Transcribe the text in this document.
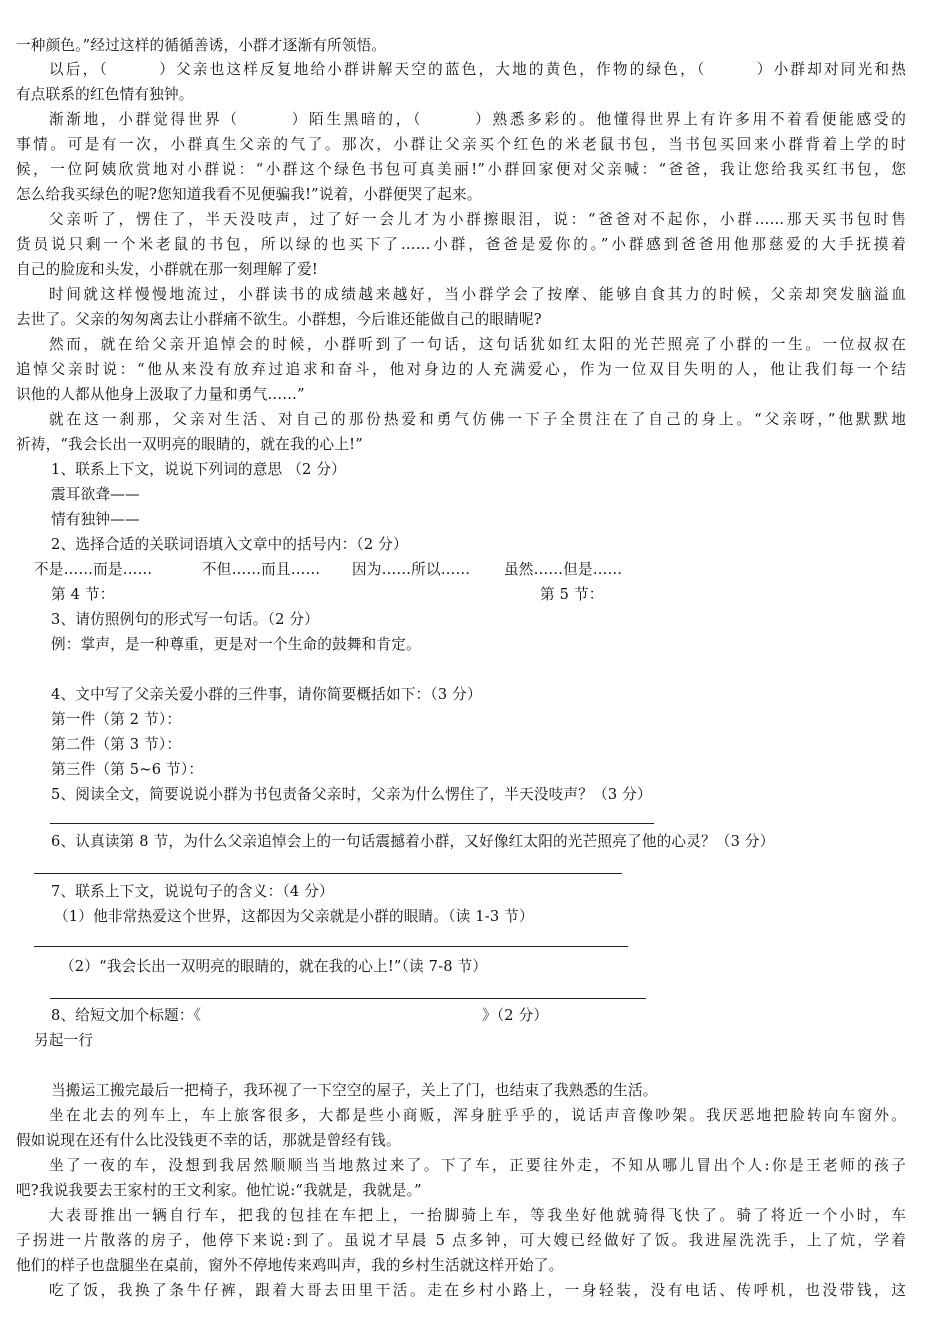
一种颜色。”经过这样的循循善诱，小群才逐渐有所领悟。
以后，（　　　）父亲也这样反复地给小群讲解天空的蓝色，大地的黄色，作物的绿色，（　　　）小群却对同光和热
有点联系的红色情有独钟。
渐渐地，小群觉得世界（　　　）陌生黑暗的，（　　　）熟悉多彩的。他懂得世界上有许多用不着看便能感受的
事情。可是有一次，小群真生父亲的气了。那次，小群让父亲买个红色的米老鼠书包，当书包买回来小群背着上学的时
候，一位阿姨欣赏地对小群说：“小群这个绿色书包可真美丽!”小群回家便对父亲喊：“爸爸，我让您给我买红书包，您
怎么给我买绿色的呢?您知道我看不见便骗我!”说着，小群便哭了起来。
父亲听了，愣住了，半天没吱声，过了好一会儿才为小群擦眼泪，说：“爸爸对不起你，小群……那天买书包时售
货员说只剩一个米老鼠的书包，所以绿的也买下了……小群，爸爸是爱你的。”小群感到爸爸用他那慈爱的大手抚摸着
自己的脸庞和头发，小群就在那一刻理解了爱!
时间就这样慢慢地流过，小群读书的成绩越来越好，当小群学会了按摩、能够自食其力的时候，父亲却突发脑溢血
去世了。父亲的匆匆离去让小群痛不欲生。小群想，今后谁还能做自己的眼睛呢?
然而，就在给父亲开追悼会的时候，小群听到了一句话，这句话犹如红太阳的光芒照亮了小群的一生。一位叔叔在
追悼父亲时说：“他从来没有放弃过追求和奋斗，他对身边的人充满爱心，作为一位双目失明的人，他让我们每一个结
识他的人都从他身上汲取了力量和勇气……”
就在这一刹那，父亲对生活、对自己的那份热爱和勇气仿佛一下子全贯注在了自己的身上。“父亲呀，”他默默地
祈祷，“我会长出一双明亮的眼睛的，就在我的心上!”
1、联系上下文，说说下列词的意思 （2 分）
震耳欲聋——
情有独钟——
2、选择合适的关联词语填入文章中的括号内：（2 分）
不是……而是……	不但……而且…… 因为……所以…… 虽然……但是……
第 4 节：	第 5 节：
3、请仿照例句的形式写一句话。（2 分）
例：掌声，是一种尊重，更是对一个生命的鼓舞和肯定。
4、文中写了父亲关爱小群的三件事，请你简要概括如下：（3 分）
第一件（第 2 节）：
第二件（第 3 节）：
第三件（第 5~6 节）：
5、阅读全文，简要说说小群为书包责备父亲时，父亲为什么愣住了，半天没吱声？（3 分）
6、认真读第 8 节，为什么父亲追悼会上的一句话震撼着小群，又好像红太阳的光芒照亮了他的心灵？（3 分）
7、联系上下文，说说句子的含义：（4 分）
（1）他非常热爱这个世界，这都因为父亲就是小群的眼睛。（读 1-3 节）
（2）“我会长出一双明亮的眼睛的，就在我的心上!”（读 7-8 节）
8、给短文加个标题：《	》（2 分）
另起一行
当搬运工搬完最后一把椅子，我环视了一下空空的屋子，关上了门，也结束了我熟悉的生活。
坐在北去的列车上，车上旅客很多，大都是些小商贩，浑身脏乎乎的，说话声音像吵架。我厌恶地把脸转向车窗外。
假如说现在还有什么比没钱更不幸的话，那就是曾经有钱。
坐了一夜的车，没想到我居然顺顺当当地熬过来了。下了车，正要往外走，不知从哪儿冒出个人:你是王老师的孩子
吧?我说我要去王家村的王文利家。他忙说:“我就是，我就是。”
大表哥推出一辆自行车，把我的包挂在车把上，一抬脚骑上车，等我坐好他就骑得飞快了。骑了将近一个小时，车
子拐进一片散落的房子，他停下来说:到了。虽说才早晨 5 点多钟，可大嫂已经做好了饭。我进屋洗洗手，上了炕，学着
他们的样子也盘腿坐在桌前，窗外不停地传来鸡叫声，我的乡村生活就这样开始了。
吃了饭，我换了条牛仔裤，跟着大哥去田里干活。走在乡村小路上，一身轻装，没有电话、传呼机，也没带钱，这
